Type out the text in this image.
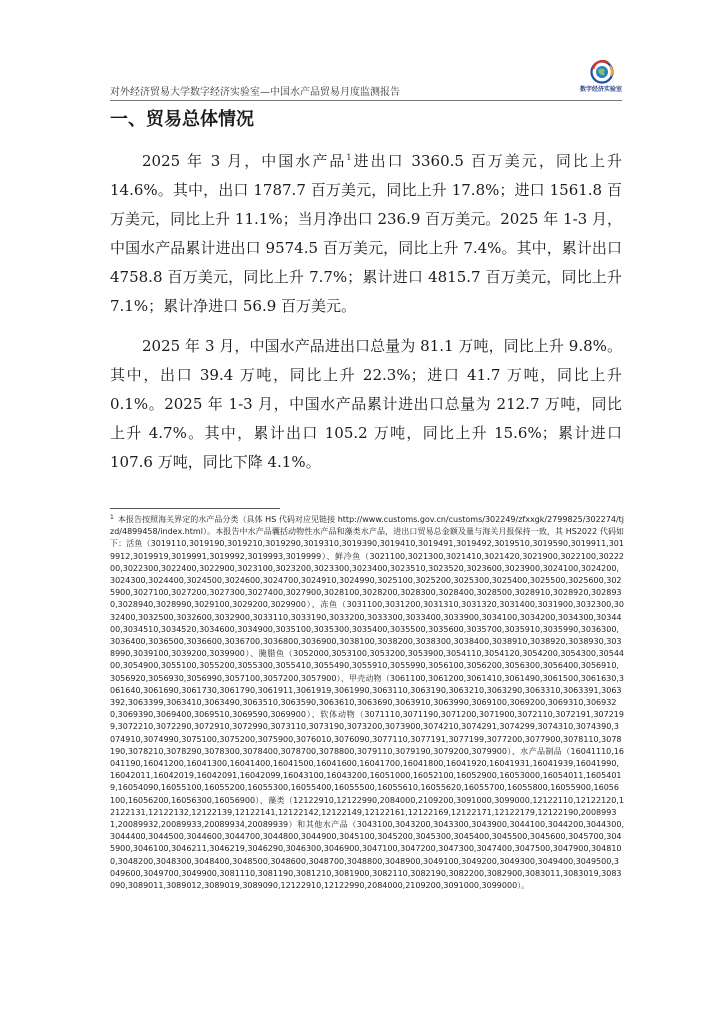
对外经济贸易大学数字经济实验室—中国水产品贸易月度监测报告	数字经济实验室
一、贸易总体情况

2025 年 3 月，中国水产品$^1$进出口 3360.5 百万美元，同比上升 14.6%。其中，出口 1787.7 百万美元，同比上升 17.8%；进口 1561.8 百万美元，同比上升 11.1%；当月净出口 236.9 百万美元。2025 年 1-3 月，中国水产品累计进出口 9574.5 百万美元，同比上升 7.4%。其中，累计出口 4758.8 百万美元，同比上升 7.7%；累计进口 4815.7 百万美元，同比上升 7.1%；累计净进口 56.9 百万美元。

2025 年 3 月，中国水产品进出口总量为 81.1 万吨，同比上升 9.8%。其中，出口 39.4 万吨，同比上升 22.3%；进口 41.7 万吨，同比上升 0.1%。2025 年 1-3 月，中国水产品累计进出口总量为 212.7 万吨，同比上升 4.7%。其中，累计出口 105.2 万吨，同比上升 15.6%；累计进口 107.6 万吨，同比下降 4.1%。

$^1$ 本报告按照海关界定的水产品分类（具体 HS 代码对应见链接 http://www.customs.gov.cn/customs/302249/zfxxgk/2799825/302274/tjzd/4899458/index.html）。本报告中水产品囊括动物性水产品和藻类水产品，进出口贸易总金额及量与海关月报保持一致，其 HS2022 代码如下：活鱼（3019110,3019190,3019210,3019290,3019310,3019390,3019410,3019491,3019492,3019510,3019590,3019911,3019912,3019919,3019991,3019992,3019993,3019999）、鲜冷鱼（3021100,3021300,3021410,3021420,3021900,3022100,3022200,3022300,3022400,3022900,3023100,3023200,3023300,3023400,3023510,3023520,3023600,3023900,3024100,3024200,3024300,3024400,3024500,3024600,3024700,3024910,3024990,3025100,3025200,3025300,3025400,3025500,3025600,3025900,3027100,3027200,3027300,3027400,3027900,3028100,3028200,3028300,3028400,3028500,3028910,3028920,3028930,3028940,3028990,3029100,3029200,3029900）、冻鱼（3031100,3031200,3031310,3031320,3031400,3031900,3032300,3032400,3032500,3032600,3032900,3033110,3033190,3033200,3033300,3033400,3033900,3034100,3034200,3034300,3034400,3034510,3034520,3034600,3034900,3035100,3035300,3035400,3035500,3035600,3035700,3035910,3035990,3036300,3036400,3036500,3036600,3036700,3036800,3036900,3038100,3038200,3038300,3038400,3038910,3038920,3038930,3038990,3039100,3039200,3039900）、腌腊鱼（3052000,3053100,3053200,3053900,3054110,3054120,3054200,3054300,3054400,3054900,3055100,3055200,3055300,3055410,3055490,3055910,3055990,3056100,3056200,3056300,3056400,3056910,3056920,3056930,3056990,3057100,3057200,3057900）、甲壳动物（3061100,3061200,3061410,3061490,3061500,3061630,3061640,3061690,3061730,3061790,3061911,3061919,3061990,3063110,3063190,3063210,3063290,3063310,3063391,3063392,3063399,3063410,3063490,3063510,3063590,3063610,3063690,3063910,3063990,3069100,3069200,3069310,3069320,3069390,3069400,3069510,3069590,3069900）、软体动物（3071110,3071190,3071200,3071900,3072110,3072191,3072199,3072210,3072290,3072910,3072990,3073110,3073190,3073200,3073900,3074210,3074291,3074299,3074310,3074390,3074910,3074990,3075100,3075200,3075900,3076010,3076090,3077110,3077191,3077199,3077200,3077900,3078110,3078190,3078210,3078290,3078300,3078400,3078700,3078800,3079110,3079190,3079200,3079900）、水产品制品（16041110,16041190,16041200,16041300,16041400,16041500,16041600,16041700,16041800,16041920,16041931,16041939,16041990,16042011,16042019,16042091,16042099,16043100,16043200,16051000,16052100,16052900,16053000,16054011,16054019,16054090,16055100,16055200,16055300,16055400,16055500,16055610,16055620,16055700,16055800,16055900,16056100,16056200,16056300,16056900）、藻类（12122910,12122990,2084000,2109200,3091000,3099000,12122110,12122120,12122131,12122132,12122139,12122141,12122142,12122149,12122161,12122169,12122171,12122179,12122190,20089931,20089932,20089933,20089934,20089939）和其他水产品（3043100,3043200,3043300,3043900,3044100,3044200,3044300,3044400,3044500,3044600,3044700,3044800,3044900,3045100,3045200,3045300,3045400,3045500,3045600,3045700,3045900,3046100,3046211,3046219,3046290,3046300,3046900,3047100,3047200,3047300,3047400,3047500,3047900,3048100,3048200,3048300,3048400,3048500,3048600,3048700,3048800,3048900,3049100,3049200,3049300,3049400,3049500,3049600,3049700,3049900,3081110,3081190,3081210,3081900,3082110,3082190,3082200,3082900,3083011,3083019,3083090,3089011,3089012,3089019,3089090,12122910,12122990,2084000,2109200,3091000,3099000）。
